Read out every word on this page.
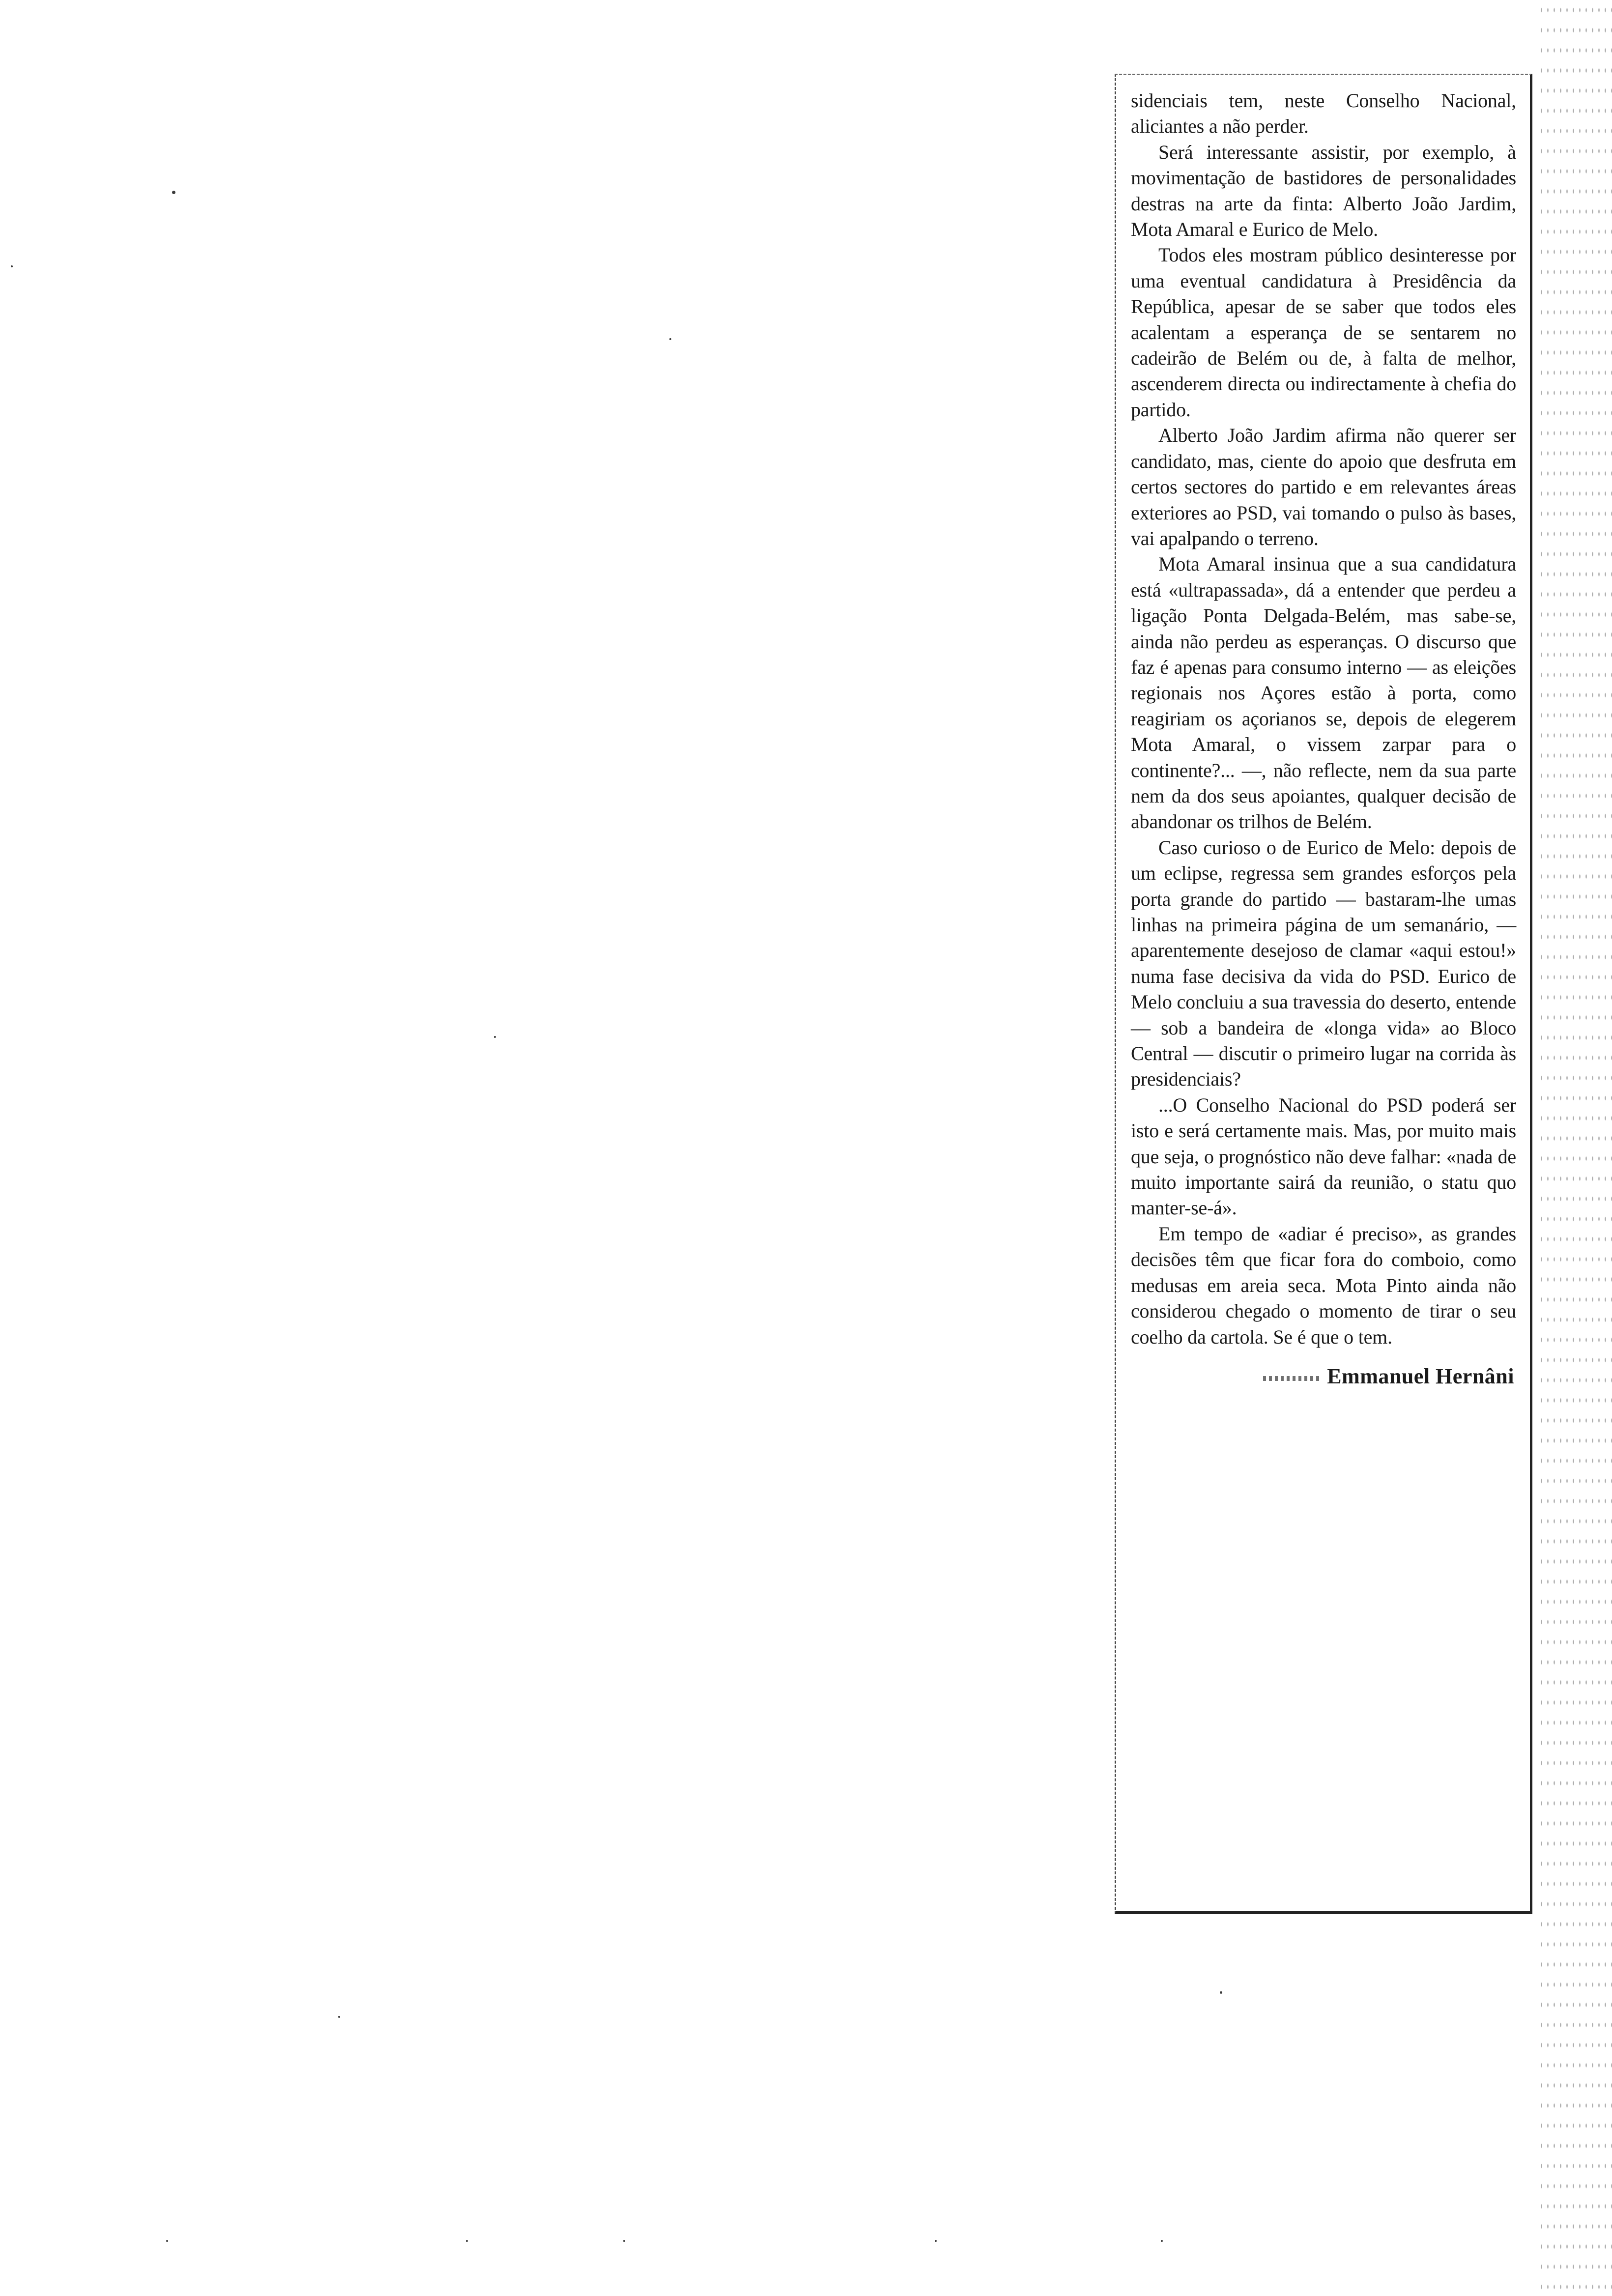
sidenciais tem, neste Conselho Nacional, aliciantes a não perder.

Será interessante assistir, por exemplo, à movimentação de bastidores de personalidades destras na arte da finta: Alberto João Jardim, Mota Amaral e Eurico de Melo.

Todos eles mostram público desinteresse por uma eventual candidatura à Presidência da República, apesar de se saber que todos eles acalentam a esperança de se sentarem no cadeirão de Belém ou de, à falta de melhor, ascenderem directa ou indirectamente à chefia do partido.

Alberto João Jardim afirma não querer ser candidato, mas, ciente do apoio que desfruta em certos sectores do partido e em relevantes áreas exteriores ao PSD, vai tomando o pulso às bases, vai apalpando o terreno.

Mota Amaral insinua que a sua candidatura está «ultrapassada», dá a entender que perdeu a ligação Ponta Delgada-Belém, mas sabe-se, ainda não perdeu as esperanças. O discurso que faz é apenas para consumo interno — as eleições regionais nos Açores estão à porta, como reagiriam os açorianos se, depois de elegerem Mota Amaral, o vissem zarpar para o continente?... —, não reflecte, nem da sua parte nem da dos seus apoiantes, qualquer decisão de abandonar os trilhos de Belém.

Caso curioso o de Eurico de Melo: depois de um eclipse, regressa sem grandes esforços pela porta grande do partido — bastaram-lhe umas linhas na primeira página de um semanário, — aparentemente desejoso de clamar «aqui estou!» numa fase decisiva da vida do PSD. Eurico de Melo concluiu a sua travessia do deserto, entende — sob a bandeira de «longa vida» ao Bloco Central — discutir o primeiro lugar na corrida às presidenciais?

...O Conselho Nacional do PSD poderá ser isto e será certamente mais. Mas, por muito mais que seja, o prognóstico não deve falhar: «nada de muito importante sairá da reunião, o statu quo manter-se-á».

Em tempo de «adiar é preciso», as grandes decisões têm que ficar fora do comboio, como medusas em areia seca. Mota Pinto ainda não considerou chegado o momento de tirar o seu coelho da cartola. Se é que o tem.

Emmanuel Hernâni
